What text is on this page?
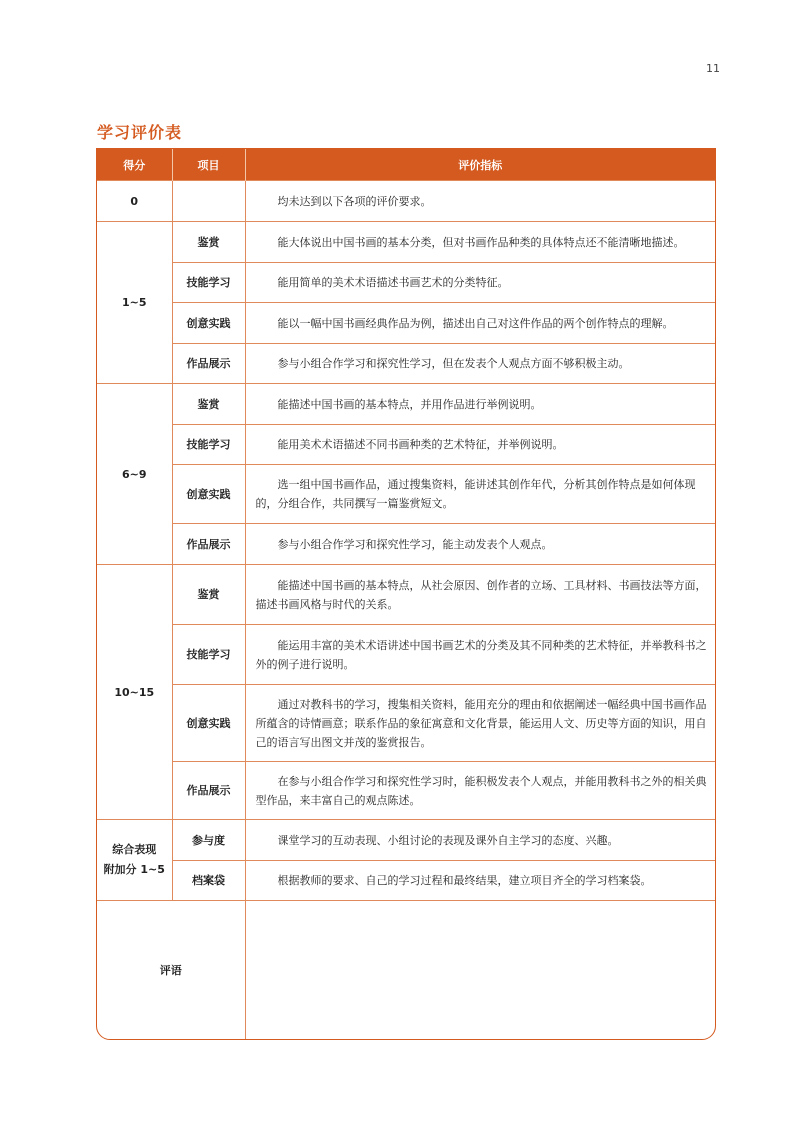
11
学习评价表
得分	项目	评价指标
0		均未达到以下各项的评价要求。
1~5	鉴赏	能大体说出中国书画的基本分类，但对书画作品种类的具体特点还不能清晰地描述。
	技能学习	能用简单的美术术语描述书画艺术的分类特征。
	创意实践	能以一幅中国书画经典作品为例，描述出自己对这件作品的两个创作特点的理解。
	作品展示	参与小组合作学习和探究性学习，但在发表个人观点方面不够积极主动。
6~9	鉴赏	能描述中国书画的基本特点，并用作品进行举例说明。
	技能学习	能用美术术语描述不同书画种类的艺术特征，并举例说明。
	创意实践	选一组中国书画作品，通过搜集资料，能讲述其创作年代，分析其创作特点是如何体现的，分组合作，共同撰写一篇鉴赏短文。
	作品展示	参与小组合作学习和探究性学习，能主动发表个人观点。
10~15	鉴赏	能描述中国书画的基本特点，从社会原因、创作者的立场、工具材料、书画技法等方面，描述书画风格与时代的关系。
	技能学习	能运用丰富的美术术语讲述中国书画艺术的分类及其不同种类的艺术特征，并举教科书之外的例子进行说明。
	创意实践	通过对教科书的学习，搜集相关资料，能用充分的理由和依据阐述一幅经典中国书画作品所蕴含的诗情画意；联系作品的象征寓意和文化背景，能运用人文、历史等方面的知识，用自己的语言写出图文并茂的鉴赏报告。
	作品展示	在参与小组合作学习和探究性学习时，能积极发表个人观点，并能用教科书之外的相关典型作品，来丰富自己的观点陈述。
综合表现
附加分 1~5	参与度	课堂学习的互动表现、小组讨论的表现及课外自主学习的态度、兴趣。
	档案袋	根据教师的要求、自己的学习过程和最终结果，建立项目齐全的学习档案袋。
评语		
